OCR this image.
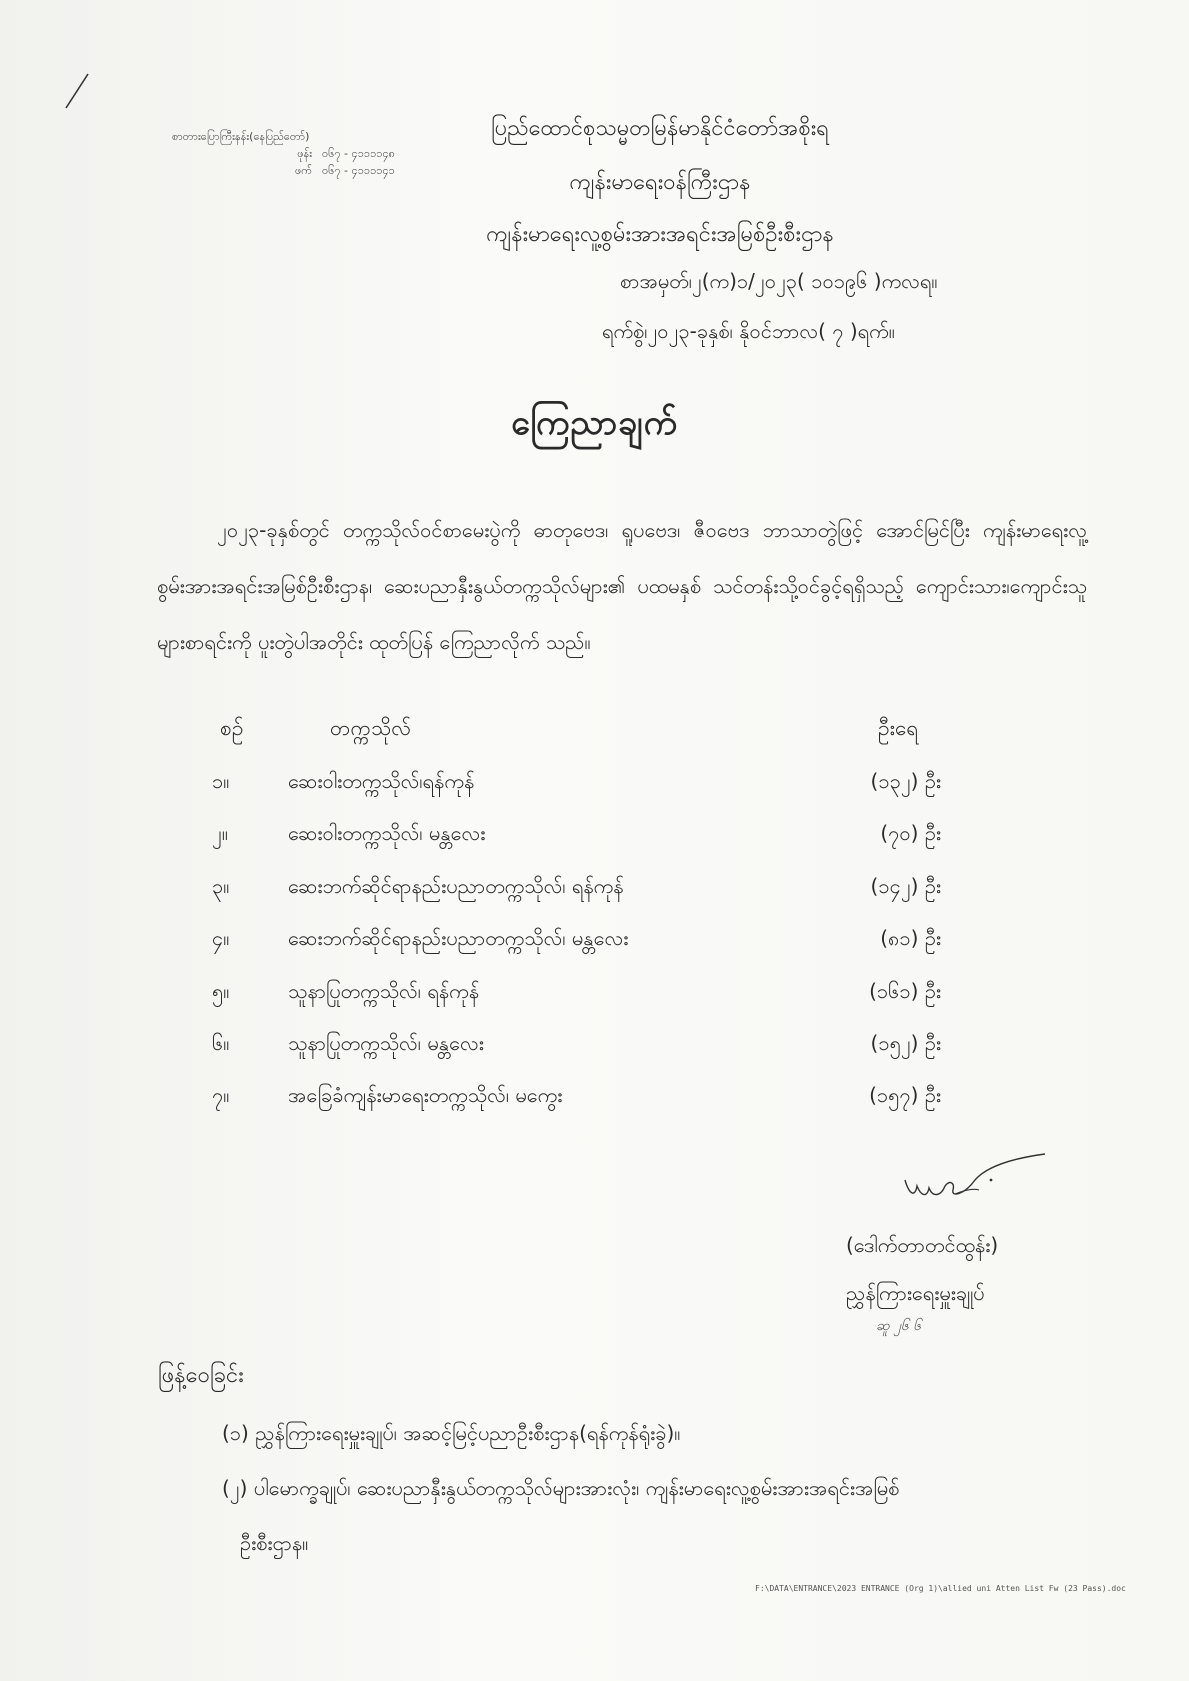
စာတားပြောကြီးနန်း(နေပြည်တော်)
ဖုန်း ၀၆၇ - ၄၁၁၁၁၄၈
ဖက် ၀၆၇ - ၄၁၁၁၁၄၁
ပြည်ထောင်စုသမ္မတမြန်မာနိုင်ငံတော်အစိုးရ
ကျန်းမာရေးဝန်ကြီးဌာန
ကျန်းမာရေးလူ့စွမ်းအားအရင်းအမြစ်ဦးစီးဌာန
စာအမှတ်၊၂(က)၁/၂၀၂၃( ၁၀၁၉၆ )ကလရ။
ရက်စွဲ၊၂၀၂၃-ခုနှစ်၊ နိုဝင်ဘာလ( ၇ )ရက်။
ကြေညာချက်
၂၀၂၃-ခုနှစ်တွင် တက္ကသိုလ်ဝင်စာမေးပွဲကို ဓာတုဗေဒ၊ ရူပဗေဒ၊ ဇီဝဗေဒ ဘာသာတွဲဖြင့် အောင်မြင်ပြီး ကျန်းမာရေးလူ့စွမ်းအားအရင်းအမြစ်ဦးစီးဌာန၊ ဆေးပညာနှီးနွယ်တက္ကသိုလ်များ၏ ပထမနှစ် သင်တန်းသို့ဝင်ခွင့်ရရှိသည့် ကျောင်းသား၊ကျောင်းသူများစာရင်းကို ပူးတွဲပါအတိုင်း ထုတ်ပြန် ကြေညာလိုက် သည်။
စဉ်	တက္ကသိုလ်	ဦးရေ
၁။	ဆေးဝါးတက္ကသိုလ်၊ရန်ကုန်	(၁၃၂) ဦး
၂။	ဆေးဝါးတက္ကသိုလ်၊ မန္တလေး	(၇၀) ဦး
၃။	ဆေးဘက်ဆိုင်ရာနည်းပညာတက္ကသိုလ်၊ ရန်ကုန်	(၁၄၂) ဦး
၄။	ဆေးဘက်ဆိုင်ရာနည်းပညာတက္ကသိုလ်၊ မန္တလေး	(၈၁) ဦး
၅။	သူနာပြုတက္ကသိုလ်၊ ရန်ကုန်	(၁၆၁) ဦး
၆။	သူနာပြုတက္ကသိုလ်၊ မန္တလေး	(၁၅၂) ဦး
၇။	အခြေခံကျန်းမာရေးတက္ကသိုလ်၊ မကွေး	(၁၅၇) ဦး
(ဒေါက်တာတင်ထွန်း)
ညွှန်ကြားရေးမှူးချုပ်
ဆူ ၂၆ ၆
ဖြန့်ဝေခြင်း
(၁) ညွှန်ကြားရေးမှူးချုပ်၊ အဆင့်မြင့်ပညာဦးစီးဌာန(ရန်ကုန်ရုံးခွဲ)။
(၂) ပါမောက္ခချုပ်၊ ဆေးပညာနှီးနွယ်တက္ကသိုလ်များအားလုံး၊ ကျန်းမာရေးလူ့စွမ်းအားအရင်းအမြစ်
ဦးစီးဌာန။
F:\DATA\ENTRANCE\2023 ENTRANCE (Org 1)\allied uni Atten List Fw (23 Pass).doc
